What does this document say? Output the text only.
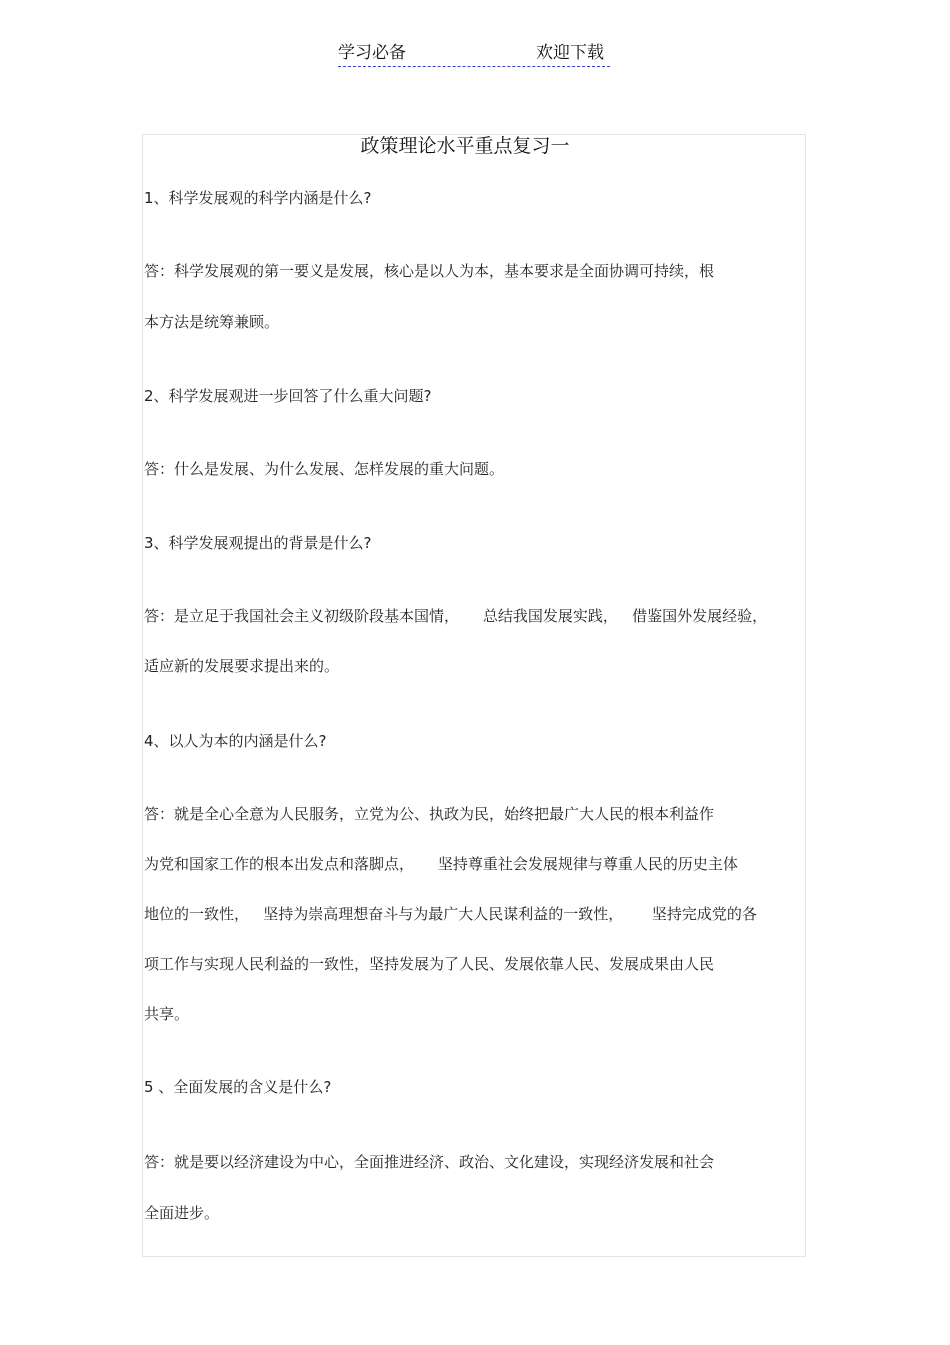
学习必备	欢迎下载
政策理论水平重点复习一
1、科学发展观的科学内涵是什么?
答：科学发展观的第一要义是发展，核心是以人为本，基本要求是全面协调可持续，根
本方法是统筹兼顾。
2、科学发展观进一步回答了什么重大问题?
答：什么是发展、为什么发展、怎样发展的重大问题。
3、科学发展观提出的背景是什么?
答：是立足于我国社会主义初级阶段基本国情，     总结我国发展实践，   借鉴国外发展经验，
适应新的发展要求提出来的。
4、以人为本的内涵是什么?
答：就是全心全意为人民服务，立党为公、执政为民，始终把最广大人民的根本利益作
为党和国家工作的根本出发点和落脚点，     坚持尊重社会发展规律与尊重人民的历史主体
地位的一致性，   坚持为崇高理想奋斗与为最广大人民谋利益的一致性，      坚持完成党的各
项工作与实现人民利益的一致性，坚持发展为了人民、发展依靠人民、发展成果由人民
共享。
5 、全面发展的含义是什么?
答：就是要以经济建设为中心，全面推进经济、政治、文化建设，实现经济发展和社会
全面进步。
